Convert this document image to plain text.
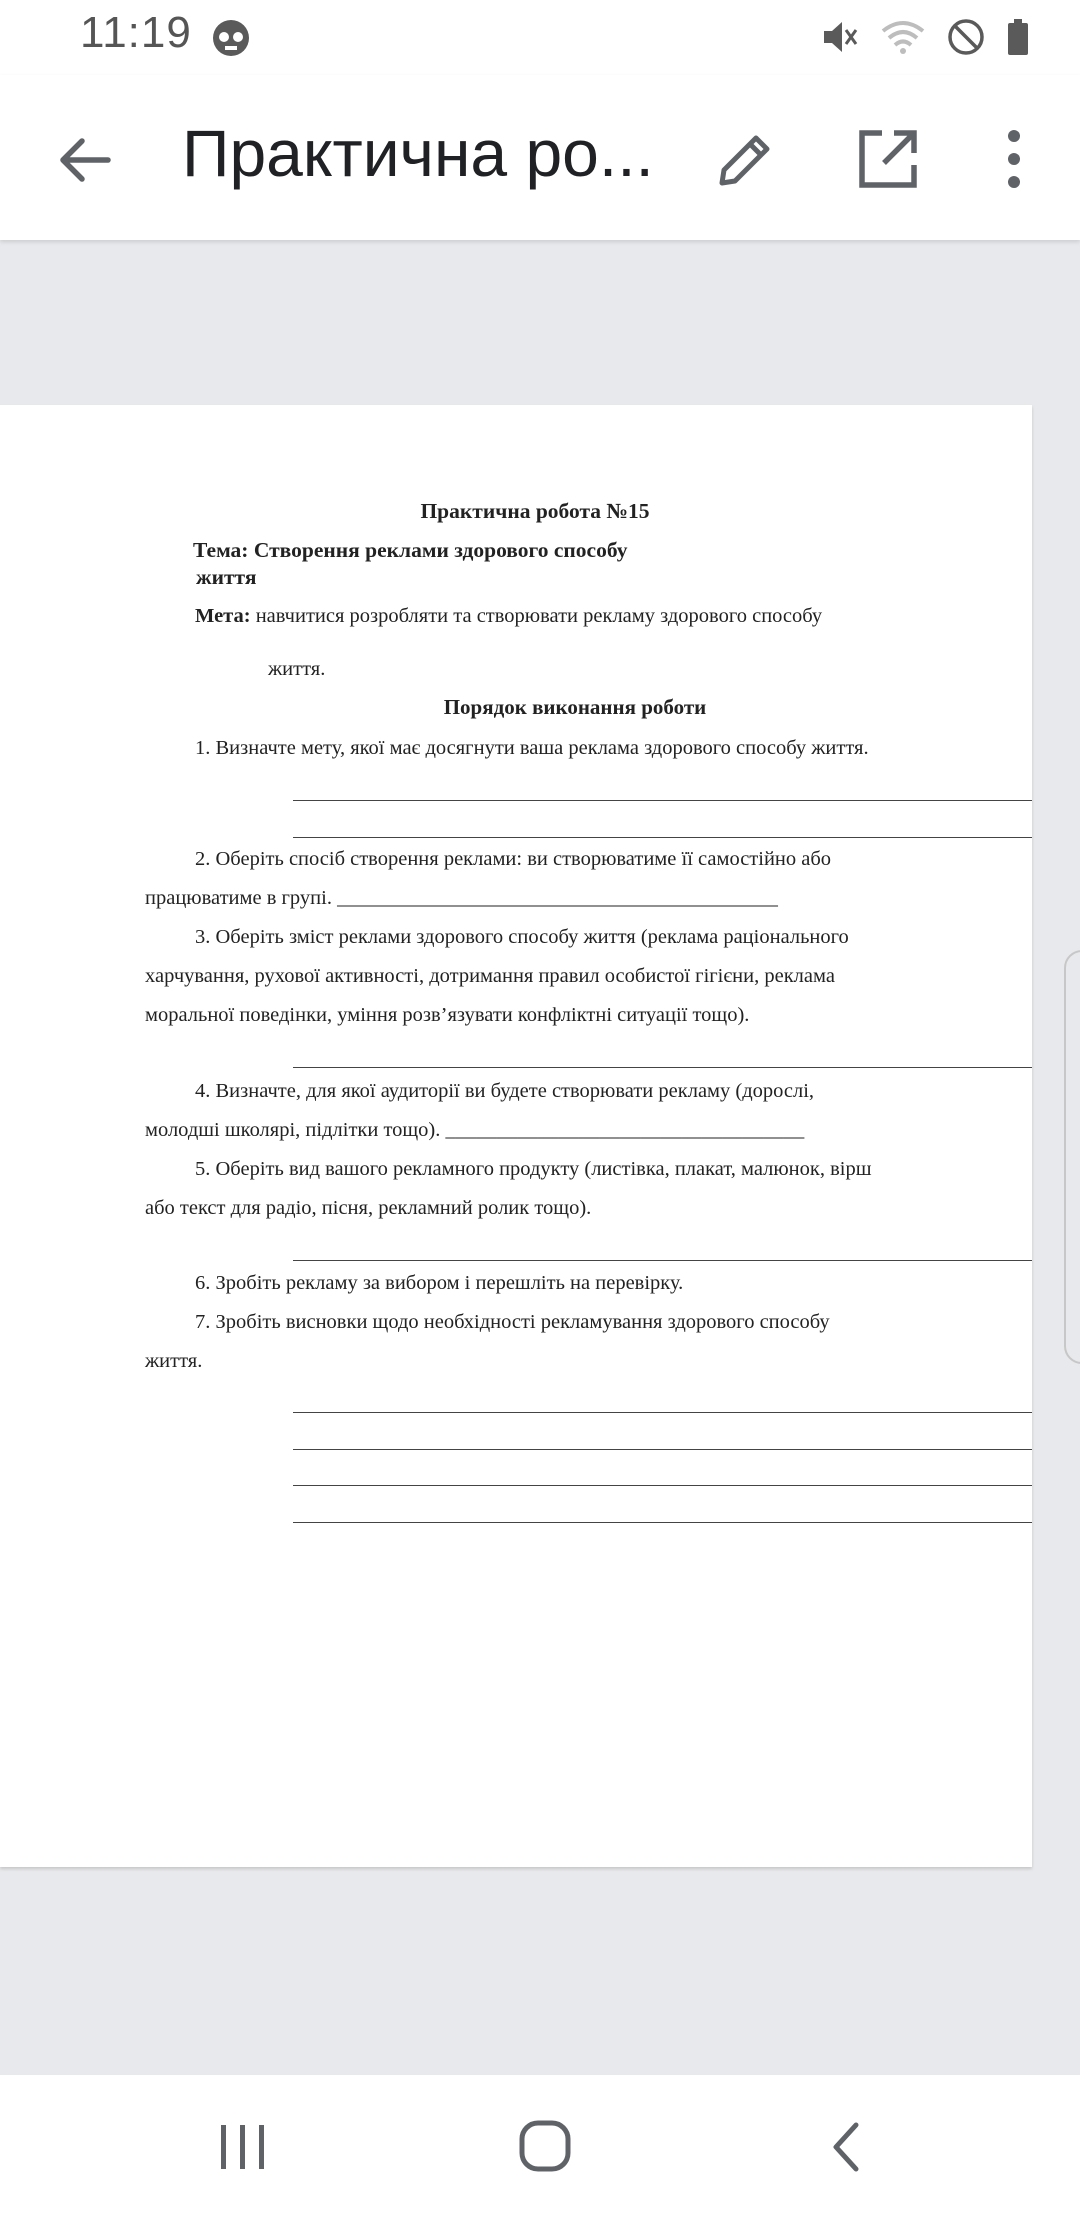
11:19
Практична ро...
Практична робота №15
Тема: Створення реклами здорового способу
життя
Мета: навчитися розробляти та створювати рекламу здорового способу
життя.
Порядок виконання роботи
1. Визначте мету, якої має досягнути ваша реклама здорового способу життя.
2. Оберіть спосіб створення реклами: ви створюватиме її самостійно або
працюватиме в групі. ___________________________________________
3. Оберіть зміст реклами здорового способу життя (реклама раціонального
харчування, рухової активності, дотримання правил особистої гігієни, реклама
моральної поведінки, уміння розв’язувати конфліктні ситуації тощо).
4. Визначте, для якої аудиторії ви будете створювати рекламу (дорослі,
молодші школярі, підлітки тощо). ___________________________________
5. Оберіть вид вашого рекламного продукту (листівка, плакат, малюнок, вірш
або текст для радіо, пісня, рекламний ролик тощо).
6. Зробіть рекламу за вибором і перешліть на перевірку.
7. Зробіть висновки щодо необхідності рекламування здорового способу
життя.
